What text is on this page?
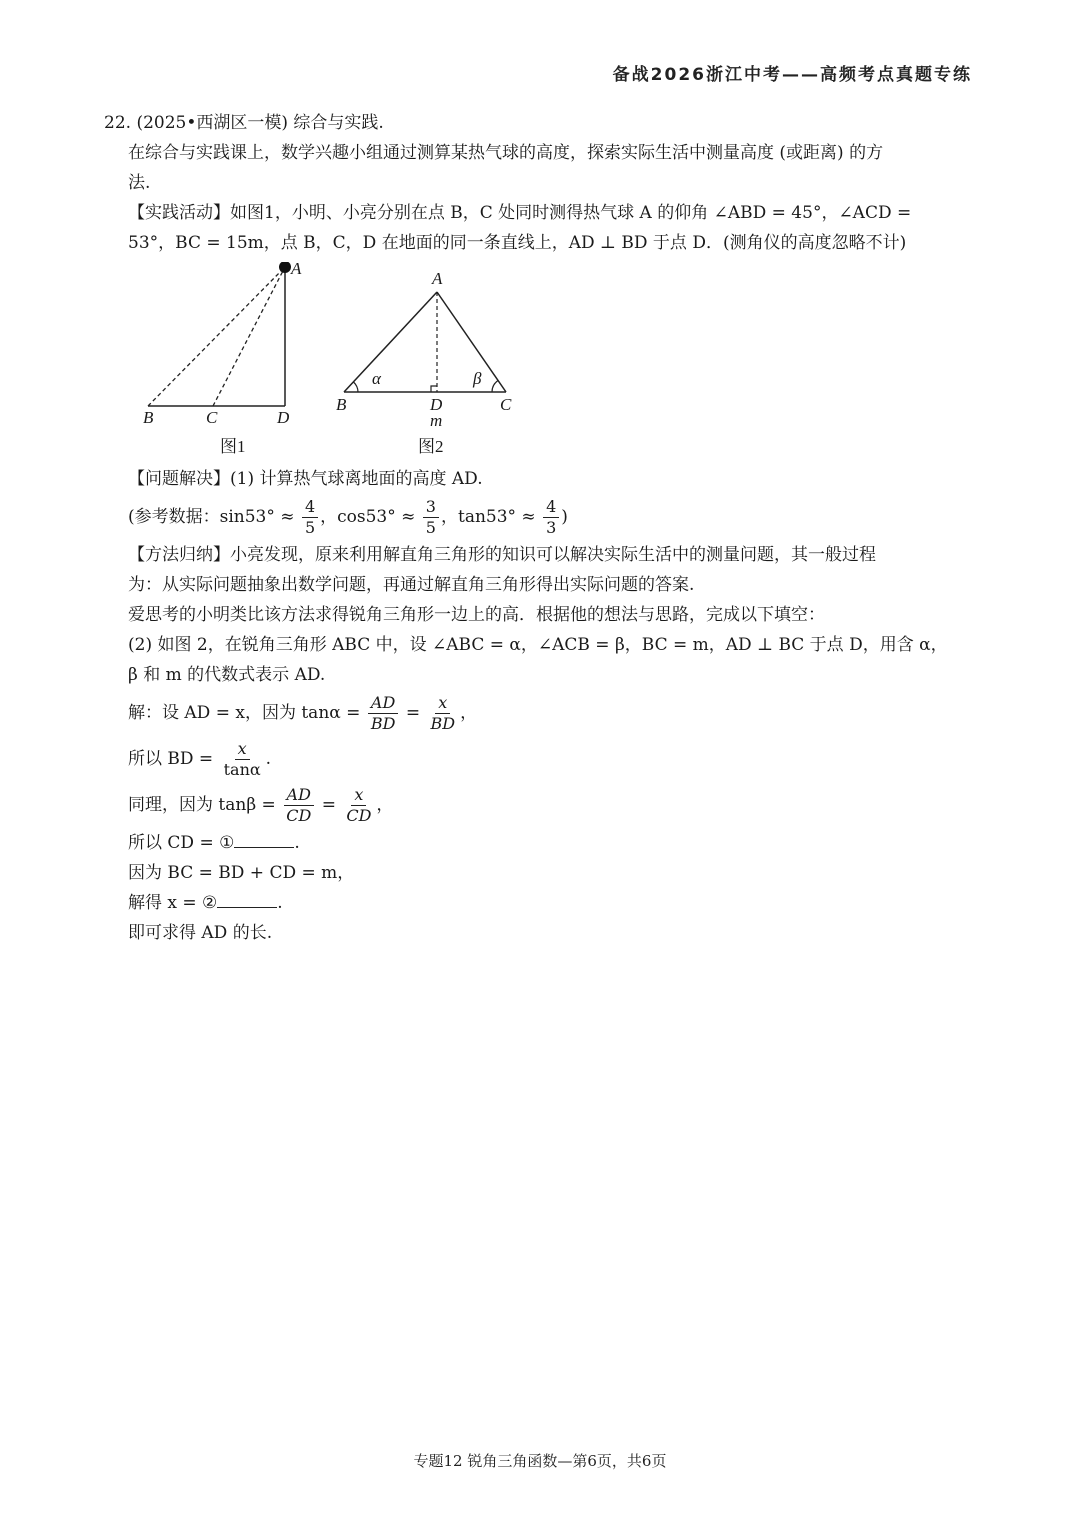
备战2026浙江中考——高频考点真题专练
22. (2025•西湖区一模) 综合与实践.
在综合与实践课上，数学兴趣小组通过测算某热气球的高度，探索实际生活中测量高度 (或距离) 的方
法.
【实践活动】如图1，小明、小亮分别在点 B，C 处同时测得热气球 A 的仰角 ∠ABD = 45°，∠ACD =
53°，BC = 15m，点 B，C，D 在地面的同一条直线上，AD ⊥ BD 于点 D．(测角仪的高度忽略不计)
A
B	C	D
图1
A
B	D	C
m
α	β
图2
【问题解决】(1) 计算热气球离地面的高度 AD.
(参考数据：$\sin 53^\circ \approx \frac{4}{5}$ ，$\cos 53^\circ \approx \frac{3}{5}$ ，$\tan 53^\circ \approx \frac{4}{3}$ )
【方法归纳】小亮发现，原来利用解直角三角形的知识可以解决实际生活中的测量问题，其一般过程
为：从实际问题抽象出数学问题，再通过解直角三角形得出实际问题的答案.
爱思考的小明类比该方法求得锐角三角形一边上的高．根据他的想法与思路，完成以下填空：
(2) 如图 2，在锐角三角形 ABC 中，设 ∠ABC = α，∠ACB = β，BC = m，AD ⊥ BC 于点 D，用含 α，
β 和 m 的代数式表示 AD.
解：设 AD = x，因为 $\tan\alpha = \frac{AD}{BD} = \frac{x}{BD}$ ，
所以 BD = $\frac{x}{\tan\alpha}$ .
同理，因为 $\tan\beta = \frac{AD}{CD} = \frac{x}{CD}$ ，
所以 CD = ①	.
因为 BC = BD + CD = m，
解得 x = ②	.
即可求得 AD 的长.
专题12 锐角三角函数—第6页，共6页
